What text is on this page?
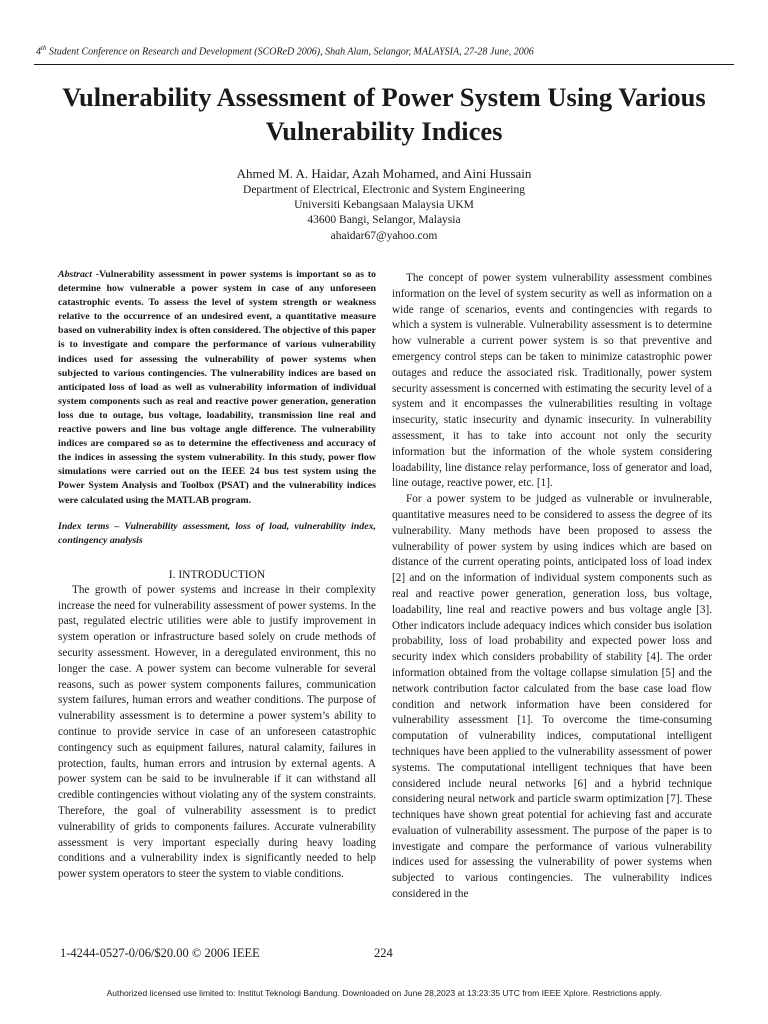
4th Student Conference on Research and Development (SCOReD 2006), Shah Alam, Selangor, MALAYSIA, 27-28 June, 2006
Vulnerability Assessment of Power System Using Various Vulnerability Indices
Ahmed M. A. Haidar, Azah Mohamed, and Aini Hussain
Department of Electrical, Electronic and System Engineering
Universiti Kebangsaan Malaysia UKM
43600 Bangi, Selangor, Malaysia
ahaidar67@yahoo.com

Abstract -Vulnerability assessment in power systems is important so as to determine how vulnerable a power system in case of any unforeseen catastrophic events. To assess the level of system strength or weakness relative to the occurrence of an undesired event, a quantitative measure based on vulnerability index is often considered. The objective of this paper is to investigate and compare the performance of various vulnerability indices used for assessing the vulnerability of power systems when subjected to various contingencies. The vulnerability indices are based on anticipated loss of load as well as vulnerability information of individual system components such as real and reactive power generation, generation loss due to outage, bus voltage, loadability, transmission line real and reactive powers and line bus voltage angle difference. The vulnerability indices are compared so as to determine the effectiveness and accuracy of the indices in assessing the system vulnerability. In this study, power flow simulations were carried out on the IEEE 24 bus test system using the Power System Analysis and Toolbox (PSAT) and the vulnerability indices were calculated using the MATLAB program.

Index terms – Vulnerability assessment, loss of load, vulnerability index, contingency analysis

I. INTRODUCTION

The growth of power systems and increase in their complexity increase the need for vulnerability assessment of power systems. In the past, regulated electric utilities were able to justify improvement in system operation or infrastructure based solely on crude methods of security assessment. However, in a deregulated environment, this no longer the case. A power system can become vulnerable for several reasons, such as power system components failures, communication system failures, human errors and weather conditions. The purpose of vulnerability assessment is to determine a power system’s ability to continue to provide service in case of an unforeseen catastrophic contingency such as equipment failures, natural calamity, failures in protection, faults, human errors and intrusion by external agents. A power system can be said to be invulnerable if it can withstand all credible contingencies without violating any of the system constraints. Therefore, the goal of vulnerability assessment is to predict vulnerability of grids to components failures. Accurate vulnerability assessment is very important especially during heavy loading conditions and a vulnerability index is significantly needed to help power system operators to steer the system to viable conditions.

The concept of power system vulnerability assessment combines information on the level of system security as well as information on a wide range of scenarios, events and contingencies with regards to which a system is vulnerable. Vulnerability assessment is to determine how vulnerable a current power system is so that preventive and emergency control steps can be taken to minimize catastrophic power outages and reduce the associated risk. Traditionally, power system security assessment is concerned with estimating the security level of a system and it encompasses the vulnerabilities resulting in voltage insecurity, static insecurity and dynamic insecurity. In vulnerability assessment, it has to take into account not only the security information but the information of the whole system considering loadability, line distance relay performance, loss of generator and load, line outage, reactive power, etc. [1].

For a power system to be judged as vulnerable or invulnerable, quantitative measures need to be considered to assess the degree of its vulnerability. Many methods have been proposed to assess the vulnerability of power system by using indices which are based on distance of the current operating points, anticipated loss of load index [2] and on the information of individual system components such as real and reactive power generation, generation loss, bus voltage, loadability, line real and reactive powers and bus voltage angle [3]. Other indicators include adequacy indices which consider bus isolation probability, loss of load probability and expected power loss and security index which considers probability of stability [4]. The order information obtained from the voltage collapse simulation [5] and the network contribution factor calculated from the base case load flow condition and network information have been considered for vulnerability assessment [1]. To overcome the time-consuming computation of vulnerability indices, computational intelligent techniques have been applied to the vulnerability assessment of power systems. The computational intelligent techniques that have been considered include neural networks [6] and a hybrid technique considering neural network and particle swarm optimization [7]. These techniques have shown great potential for achieving fast and accurate evaluation of vulnerability assessment. The purpose of the paper is to investigate and compare the performance of various vulnerability indices used for assessing the vulnerability of power systems when subjected to various contingencies. The vulnerability indices considered in the

1-4244-0527-0/06/$20.00 © 2006 IEEE	224
Authorized licensed use limited to: Institut Teknologi Bandung. Downloaded on June 28,2023 at 13:23:35 UTC from IEEE Xplore. Restrictions apply.
